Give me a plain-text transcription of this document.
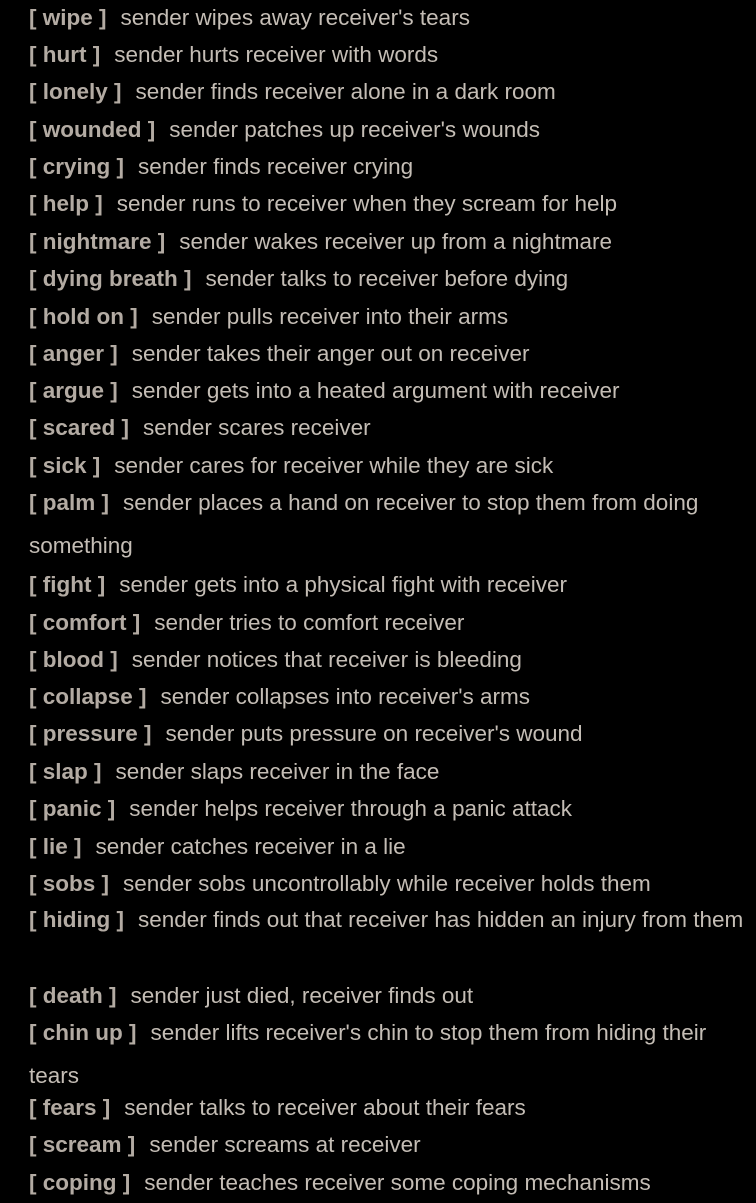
[ wipe ] sender wipes away receiver's tears
[ hurt ] sender hurts receiver with words
[ lonely ] sender finds receiver alone in a dark room
[ wounded ] sender patches up receiver's wounds
[ crying ] sender finds receiver crying
[ help ] sender runs to receiver when they scream for help
[ nightmare ] sender wakes receiver up from a nightmare
[ dying breath ] sender talks to receiver before dying
[ hold on ] sender pulls receiver into their arms
[ anger ] sender takes their anger out on receiver
[ argue ] sender gets into a heated argument with receiver
[ scared ] sender scares receiver
[ sick ] sender cares for receiver while they are sick
[ palm ] sender places a hand on receiver to stop them from doing something
[ fight ] sender gets into a physical fight with receiver
[ comfort ] sender tries to comfort receiver
[ blood ] sender notices that receiver is bleeding
[ collapse ] sender collapses into receiver's arms
[ pressure ] sender puts pressure on receiver's wound
[ slap ] sender slaps receiver in the face
[ panic ] sender helps receiver through a panic attack
[ lie ] sender catches receiver in a lie
[ sobs ] sender sobs uncontrollably while receiver holds them
[ hiding ] sender finds out that receiver has hidden an injury from them
[ death ] sender just died, receiver finds out
[ chin up ] sender lifts receiver's chin to stop them from hiding their tears
[ fears ] sender talks to receiver about their fears
[ scream ] sender screams at receiver
[ coping ] sender teaches receiver some coping mechanisms
